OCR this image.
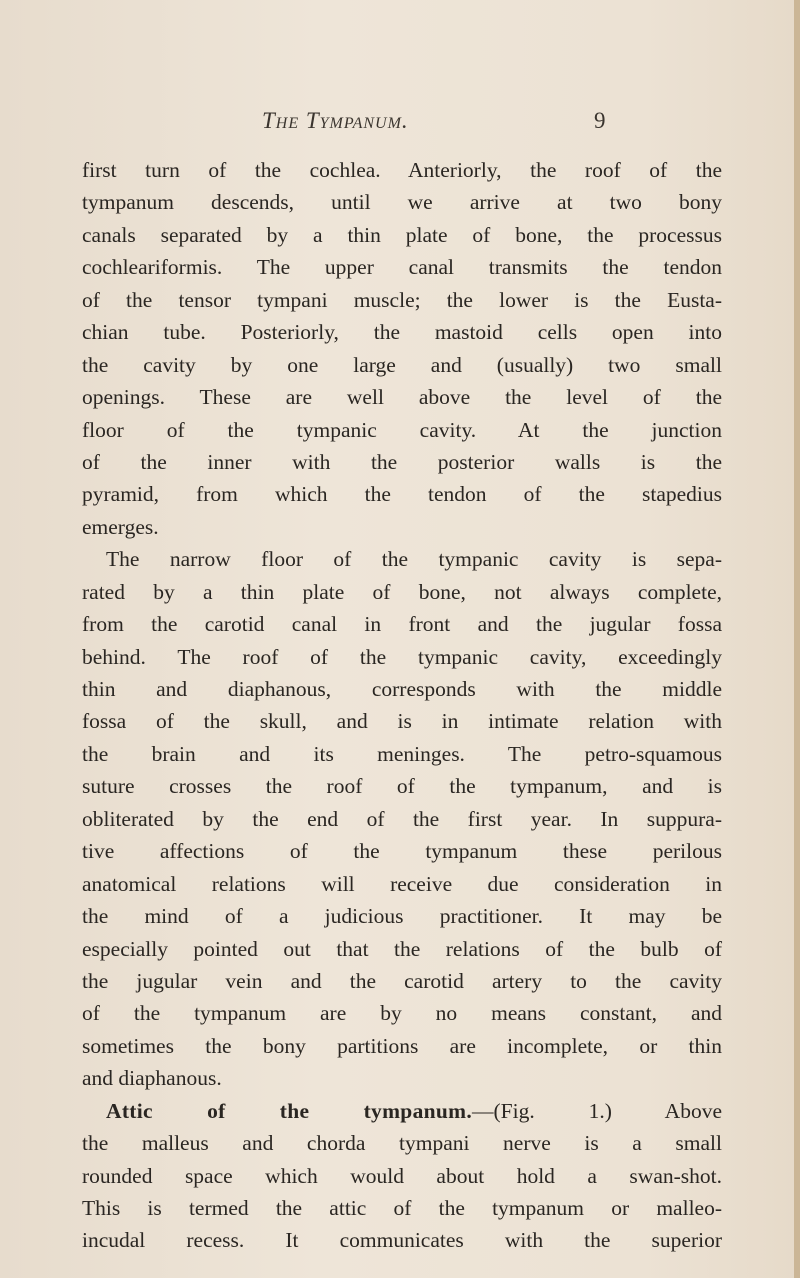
The Tympanum.	9
first turn of the cochlea. Anteriorly, the roof of the
tympanum descends, until we arrive at two bony
canals separated by a thin plate of bone, the processus
cochleariformis. The upper canal transmits the tendon
of the tensor tympani muscle; the lower is the Eusta-
chian tube. Posteriorly, the mastoid cells open into
the cavity by one large and (usually) two small
openings. These are well above the level of the
floor of the tympanic cavity. At the junction
of the inner with the posterior walls is the
pyramid, from which the tendon of the stapedius
emerges.
The narrow floor of the tympanic cavity is sepa-
rated by a thin plate of bone, not always complete,
from the carotid canal in front and the jugular fossa
behind. The roof of the tympanic cavity, exceedingly
thin and diaphanous, corresponds with the middle
fossa of the skull, and is in intimate relation with
the brain and its meninges. The petro-squamous
suture crosses the roof of the tympanum, and is
obliterated by the end of the first year. In suppura-
tive affections of the tympanum these perilous
anatomical relations will receive due consideration in
the mind of a judicious practitioner. It may be
especially pointed out that the relations of the bulb of
the jugular vein and the carotid artery to the cavity
of the tympanum are by no means constant, and
sometimes the bony partitions are incomplete, or thin
and diaphanous.
Attic of the tympanum.—(Fig. 1.) Above
the malleus and chorda tympani nerve is a small
rounded space which would about hold a swan-shot.
This is termed the attic of the tympanum or malleo-
incudal recess. It communicates with the superior
